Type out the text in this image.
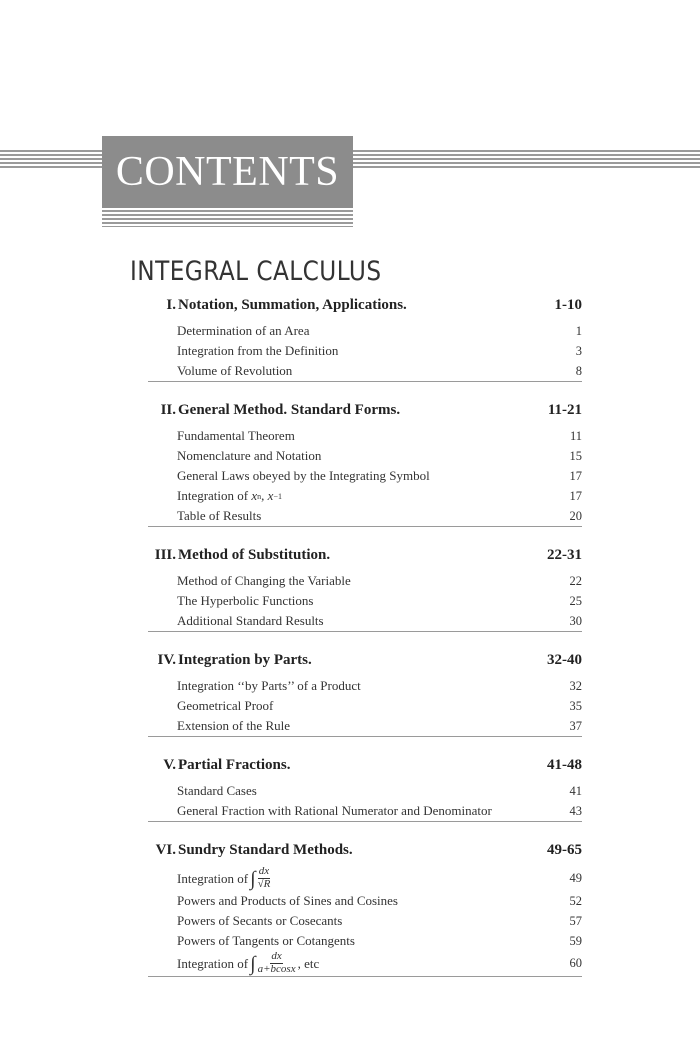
CONTENTS
INTEGRAL CALCULUS
I. Notation, Summation, Applications.	1-10
Determination of an Area	1
Integration from the Definition	3
Volume of Revolution	8
II. General Method. Standard Forms.	11-21
Fundamental Theorem	11
Nomenclature and Notation	15
General Laws obeyed by the Integrating Symbol	17
Integration of x n , x −1	17
Table of Results	20
III. Method of Substitution.	22-31
Method of Changing the Variable	22
The Hyperbolic Functions	25
Additional Standard Results	30
IV. Integration by Parts.	32-40
Integration ‘‘by Parts’’ of a Product	32
Geometrical Proof	35
Extension of the Rule	37
V. Partial Fractions.	41-48
Standard Cases	41
General Fraction with Rational Numerator and Denominator	43
VI. Sundry Standard Methods.	49-65
Integration of ∫ $\frac{dx}{√R}$	49
Powers and Products of Sines and Cosines	52
Powers of Secants or Cosecants	57
Powers of Tangents or Cotangents	59
Integration of ∫ $\frac{dx}{a+bcosx}$ , etc	60
